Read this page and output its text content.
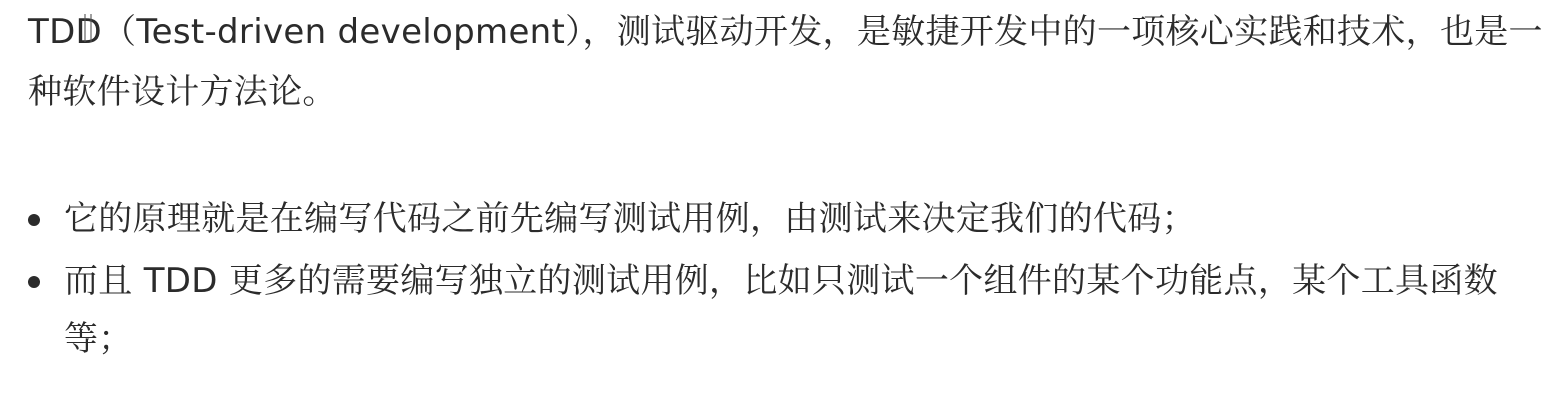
TDD（Test-driven development），测试驱动开发，是敏捷开发中的一项核心实践和技术，也是一种软件设计方法论。

它的原理就是在编写代码之前先编写测试用例，由测试来决定我们的代码；
而且 TDD 更多的需要编写独立的测试用例，比如只测试一个组件的某个功能点，某个工具函数等；
